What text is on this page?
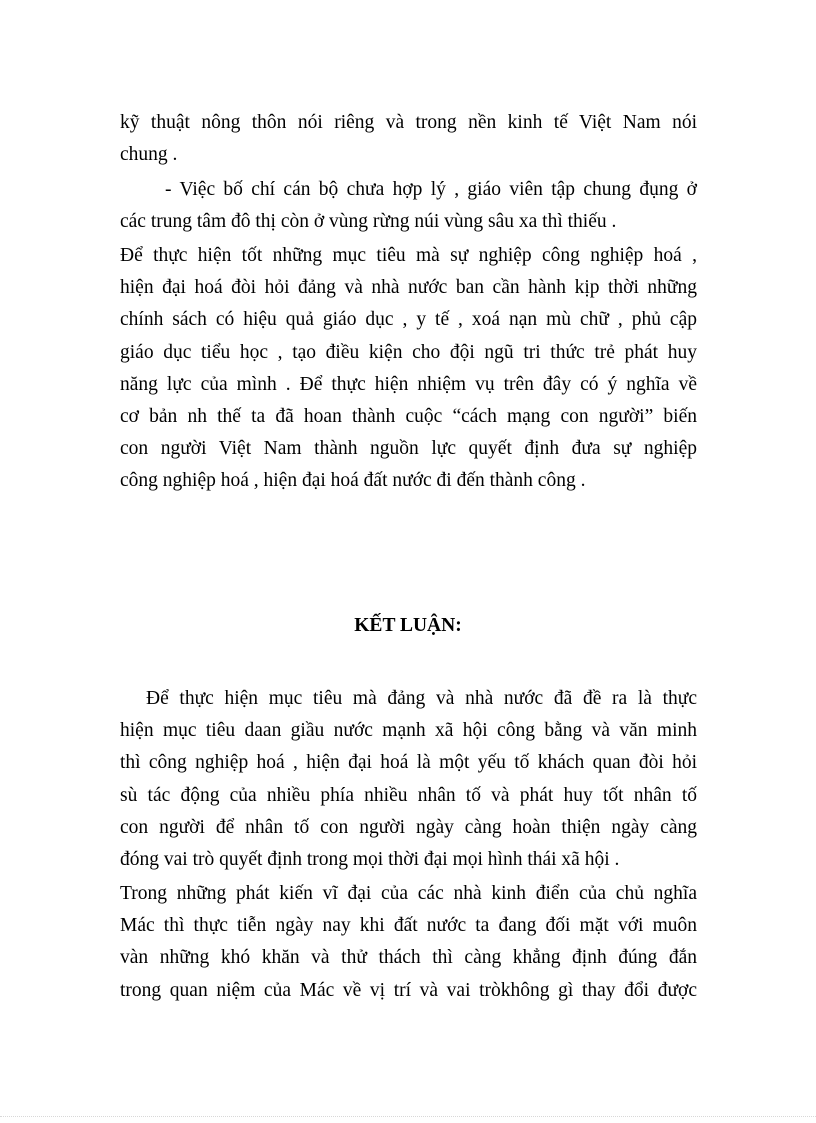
kỹ thuật nông thôn nói riêng và trong nền kinh tế Việt Nam nói
chung .

- Việc bố chí cán bộ chưa hợp lý , giáo viên tập chung đụng ở
các trung tâm đô thị còn ở vùng rừng núi vùng sâu xa thì thiếu .

Để thực hiện tốt những mục tiêu mà sự nghiệp công nghiệp hoá ,
hiện đại hoá đòi hỏi đảng và nhà nước ban cần hành kịp thời những
chính sách có hiệu quả giáo dục , y tế , xoá nạn mù chữ , phủ cập
giáo dục tiểu học , tạo điều kiện cho đội ngũ tri thức trẻ phát huy
năng lực của mình . Để thực hiện nhiệm vụ trên đây có ý nghĩa về
cơ bản nh thế ta đã hoan thành cuộc “cách mạng con người” biến
con người Việt Nam thành nguồn lực quyết định đưa sự nghiệp
công nghiệp hoá , hiện đại hoá đất nước đi đến thành công .

KẾT LUẬN:

Để thực hiện mục tiêu mà đảng và nhà nước đã đề ra là thực
hiện mục tiêu daan giầu nước mạnh xã hội công bằng và văn minh
thì công nghiệp hoá , hiện đại hoá là một yếu tố khách quan đòi hỏi
sù tác động của nhiều phía nhiều nhân tố và phát huy tốt nhân tố
con người để nhân tố con người ngày càng hoàn thiện ngày càng
đóng vai trò quyết định trong mọi thời đại mọi hình thái xã hội .

Trong những phát kiến vĩ đại của các nhà kinh điển của chủ nghĩa
Mác thì thực tiễn ngày nay khi đất nước ta đang đối mặt với muôn
vàn những khó khăn và thử thách thì càng khẳng định đúng đắn
trong quan niệm của Mác về vị trí và vai tròkhông gì thay đổi được
